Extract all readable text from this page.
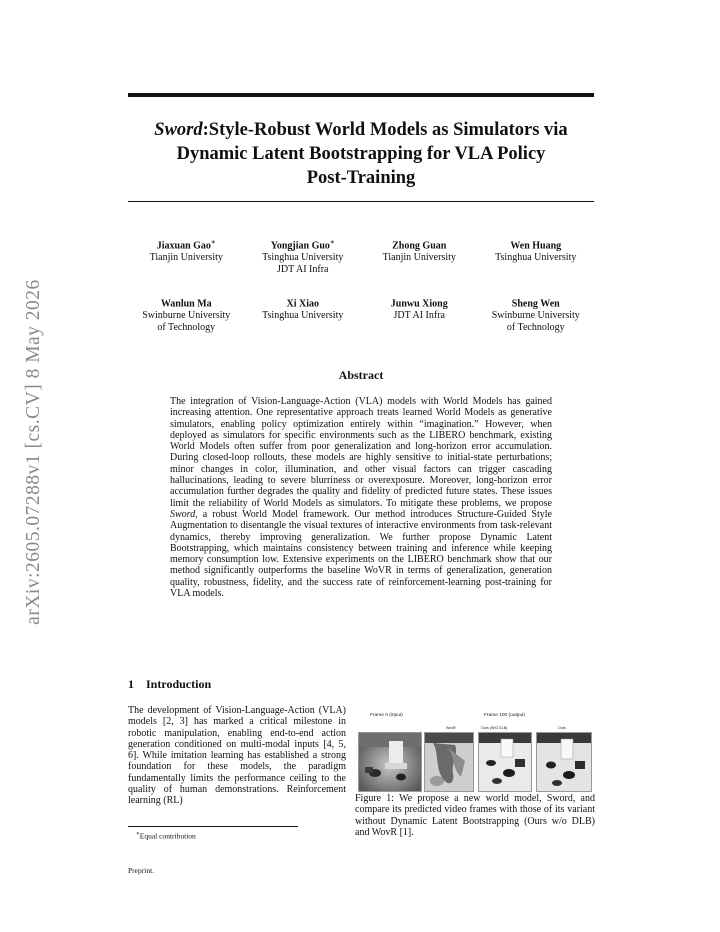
arXiv:2605.07288v1 [cs.CV] 8 May 2026
Sword:Style-Robust World Models as Simulators via
Dynamic Latent Bootstrapping for VLA Policy
Post-Training
Jiaxuan Gao∗
Tianjin University
Yongjian Guo∗
Tsinghua University
JDT AI Infra
Zhong Guan
Tianjin University
Wen Huang
Tsinghua University
Wanlun Ma
Swinburne University
of Technology
Xi Xiao
Tsinghua University
Junwu Xiong
JDT AI Infra
Sheng Wen
Swinburne University
of Technology
Abstract
The integration of Vision-Language-Action (VLA) models with World Models has gained increasing attention. One representative approach treats learned World Models as generative simulators, enabling policy optimization entirely within “imagination.” However, when deployed as simulators for specific environments such as the LIBERO benchmark, existing World Models often suffer from poor generalization and long-horizon error accumulation. During closed-loop rollouts, these models are highly sensitive to initial-state perturbations; minor changes in color, illumination, and other visual factors can trigger cascading hallucinations, leading to severe blurriness or overexposure. Moreover, long-horizon error accumulation further degrades the quality and fidelity of predicted future states. These issues limit the reliability of World Models as simulators. To mitigate these problems, we propose Sword, a robust World Model framework. Our method introduces Structure-Guided Style Augmentation to disentangle the visual textures of interactive environments from task-relevant dynamics, thereby improving generalization. We further propose Dynamic Latent Bootstrapping, which maintains consistency between training and inference while keeping memory consumption low. Extensive experiments on the LIBERO benchmark show that our method significantly outperforms the baseline WoVR in terms of generalization, generation quality, robustness, fidelity, and the success rate of reinforcement-learning post-training for VLA models.
1 Introduction
The development of Vision-Language-Action (VLA) models [2, 3] has marked a critical milestone in robotic manipulation, enabling end-to-end action generation conditioned on multi-modal inputs [4, 5, 6]. While imitation learning has established a strong foundation for these models, the paradigm fundamentally limits the performance ceiling to the quality of human demonstrations. Reinforcement learning (RL)
∗Equal contribution
Preprint.
Frame 0 (input)	Frame 100 (output)
WovR	Ours (W/O DLB)	Ours
Figure 1: We propose a new world model, Sword, and compare its predicted video frames with those of its variant without Dynamic Latent Bootstrapping (Ours w/o DLB) and WovR [1].
